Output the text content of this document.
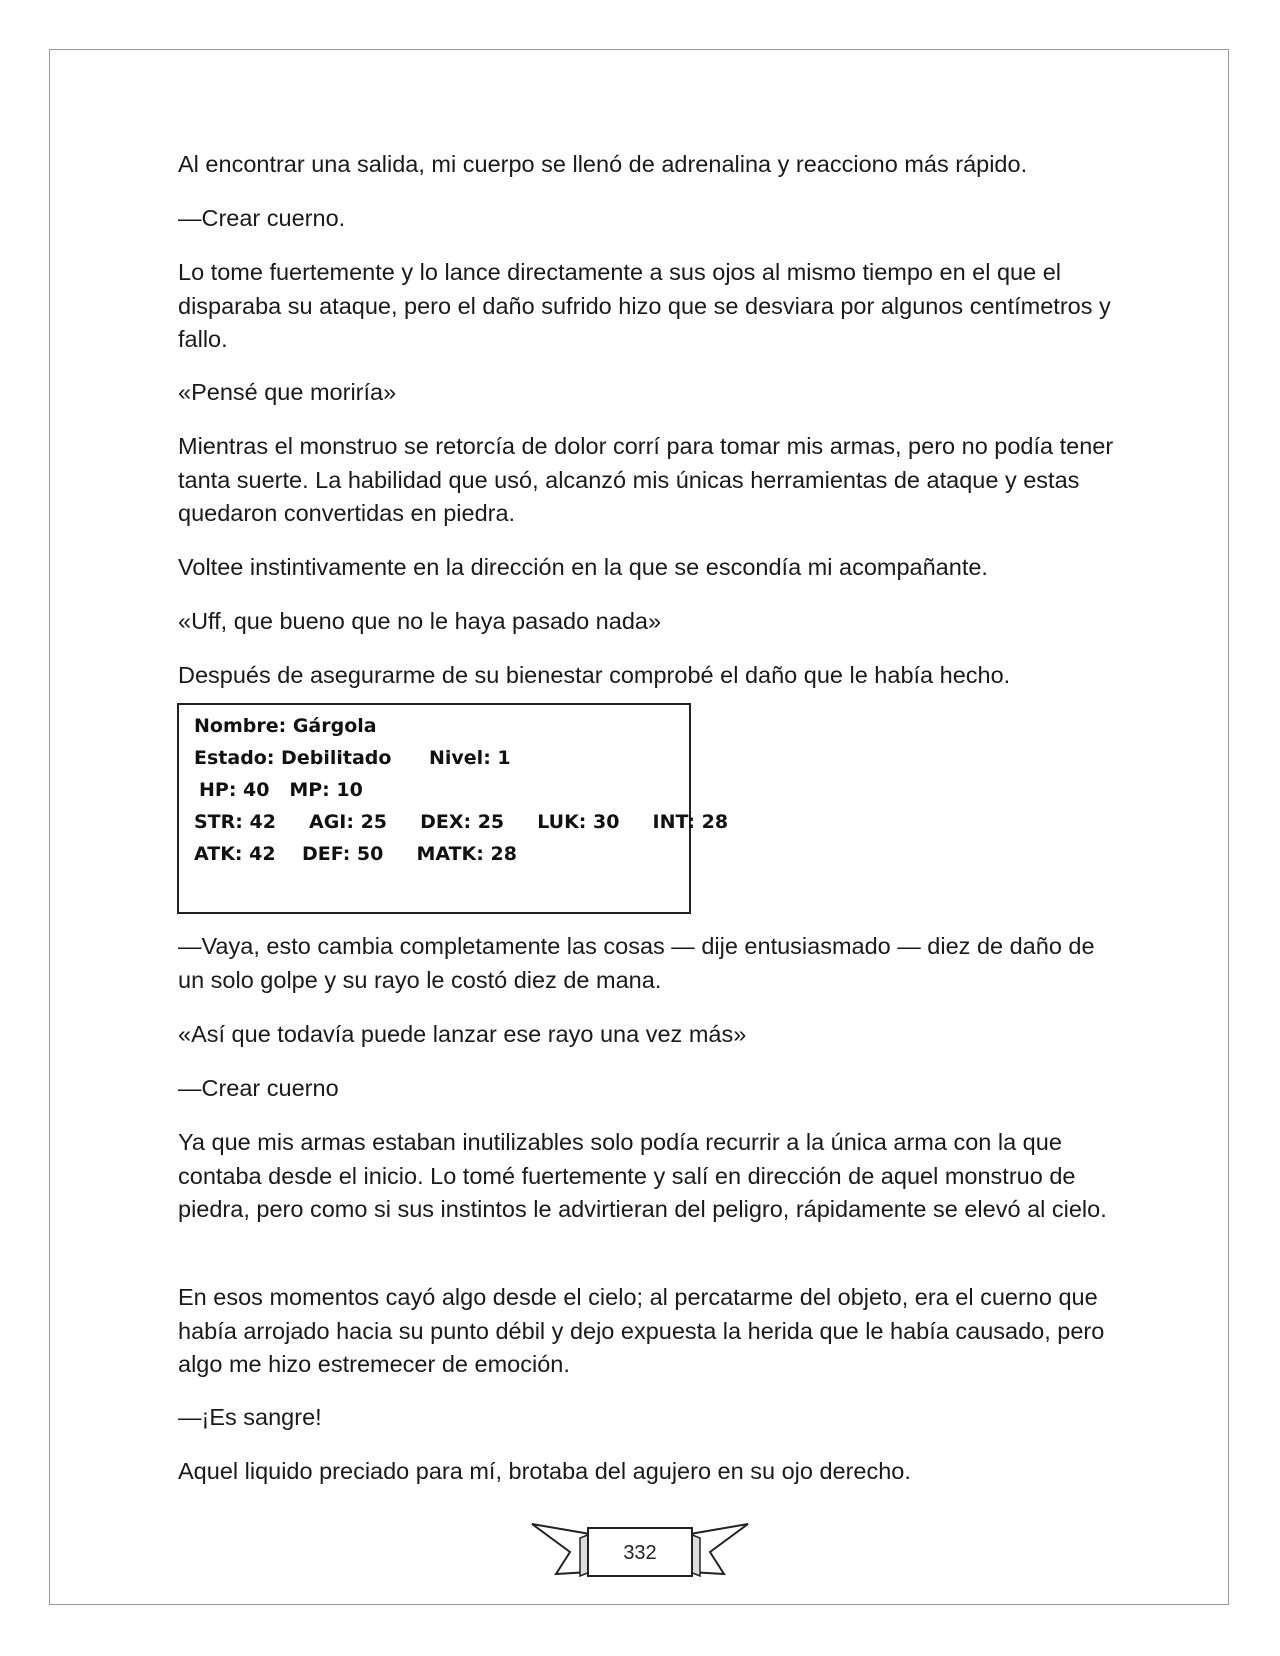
Al encontrar una salida, mi cuerpo se llenó de adrenalina y reacciono más rápido.

—Crear cuerno.

Lo tome fuertemente y lo lance directamente a sus ojos al mismo tiempo en el que el disparaba su ataque, pero el daño sufrido hizo que se desviara por algunos centímetros y fallo.

«Pensé que moriría»

Mientras el monstruo se retorcía de dolor corrí para tomar mis armas, pero no podía tener tanta suerte. La habilidad que usó, alcanzó mis únicas herramientas de ataque y estas quedaron convertidas en piedra.

Voltee instintivamente en la dirección en la que se escondía mi acompañante.

«Uff, que bueno que no le haya pasado nada»

Después de asegurarme de su bienestar comprobé el daño que le había hecho.

Nombre: Gárgola
Estado: Debilitado Nivel: 1
HP: 40   MP: 10
STR: 42     AGI: 25     DEX: 25     LUK: 30     INT: 28
ATK: 42    DEF: 50     MATK: 28

—Vaya, esto cambia completamente las cosas — dije entusiasmado — diez de daño de un solo golpe y su rayo le costó diez de mana.

«Así que todavía puede lanzar ese rayo una vez más»

—Crear cuerno

Ya que mis armas estaban inutilizables solo podía recurrir a la única arma con la que contaba desde el inicio. Lo tomé fuertemente y salí en dirección de aquel monstruo de piedra, pero como si sus instintos le advirtieran del peligro, rápidamente se elevó al cielo.

En esos momentos cayó algo desde el cielo; al percatarme del objeto, era el cuerno que había arrojado hacia su punto débil y dejo expuesta la herida que le había causado, pero algo me hizo estremecer de emoción.

—¡Es sangre!

Aquel liquido preciado para mí, brotaba del agujero en su ojo derecho.

332
